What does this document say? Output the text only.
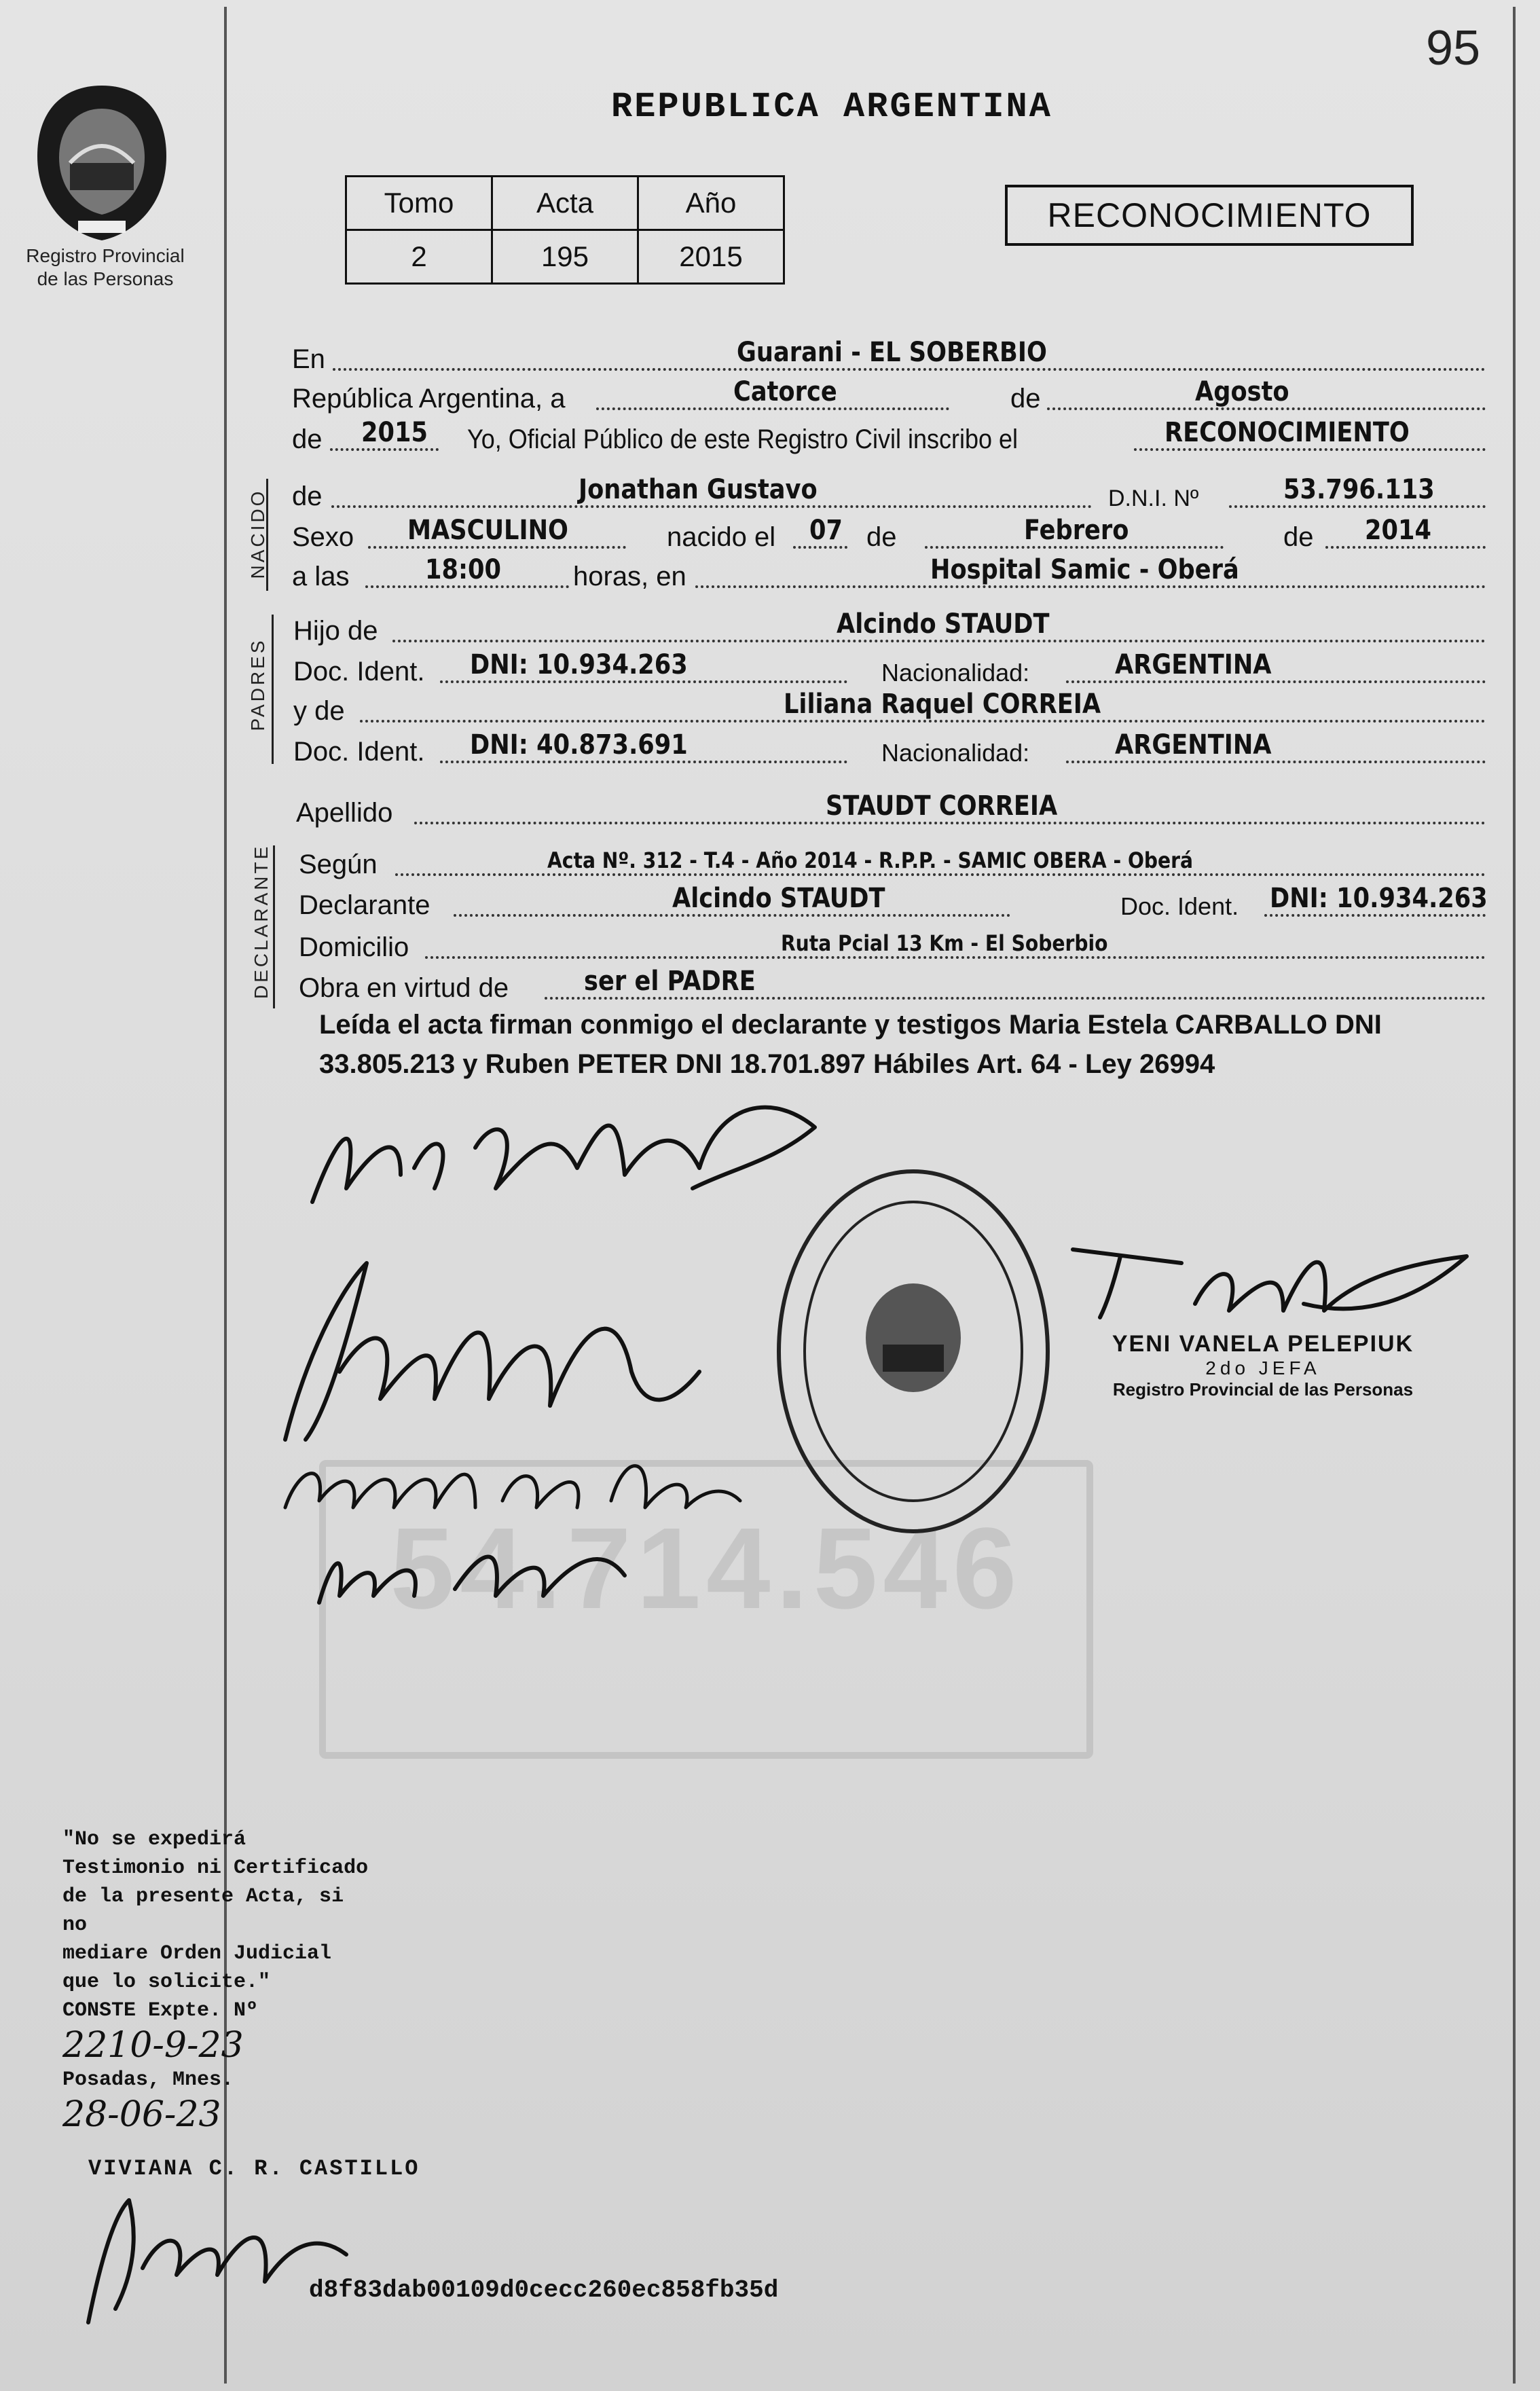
95
REPUBLICA ARGENTINA
Registro Provincial
de las Personas
Tomo	Acta	Año
2	195	2015
RECONOCIMIENTO
En	Guarani - EL SOBERBIO
República Argentina, a	Catorce	de	Agosto
de 2015 Yo, Oficial Público de este Registro Civil inscribo el	RECONOCIMIENTO
NACIDO de	Jonathan Gustavo	D.N.I. Nº	53.796.113
Sexo MASCULINO	nacido el 07 de	Febrero	de 2014
a las	18:00	horas, en	Hospital Samic - Oberá
PADRES
Hijo de	Alcindo STAUDT
Doc. Ident. DNI: 10.934.263	Nacionalidad:	ARGENTINA
y de	Liliana Raquel CORREIA
Doc. Ident. DNI: 40.873.691	Nacionalidad:	ARGENTINA
Apellido	STAUDT CORREIA
DECLARANTE Según	Acta Nº. 312 - T.4 - Año 2014 - R.P.P. - SAMIC OBERA - Oberá
Declarante	Alcindo STAUDT	Doc. Ident. DNI: 10.934.263
Domicilio	Ruta Pcial 13 Km - El Soberbio
Obra en virtud de	ser el PADRE
Leída el acta firman conmigo el declarante y testigos Maria Estela CARBALLO DNI 33.805.213 y Ruben PETER DNI 18.701.897 Hábiles Art. 64 - Ley 26994
54.714.546
YENI VANELA PELEPIUK
2do JEFA
Registro Provincial de las Personas
"No se expedirá
Testimonio ni Certificado
de la presente Acta, si no
mediare Orden Judicial
que lo solicite."
CONSTE Expte. Nº
2210-9-23
Posadas, Mnes.
28-06-23
VIVIANA C. R. CASTILLO
d8f83dab00109d0cecc260ec858fb35d
